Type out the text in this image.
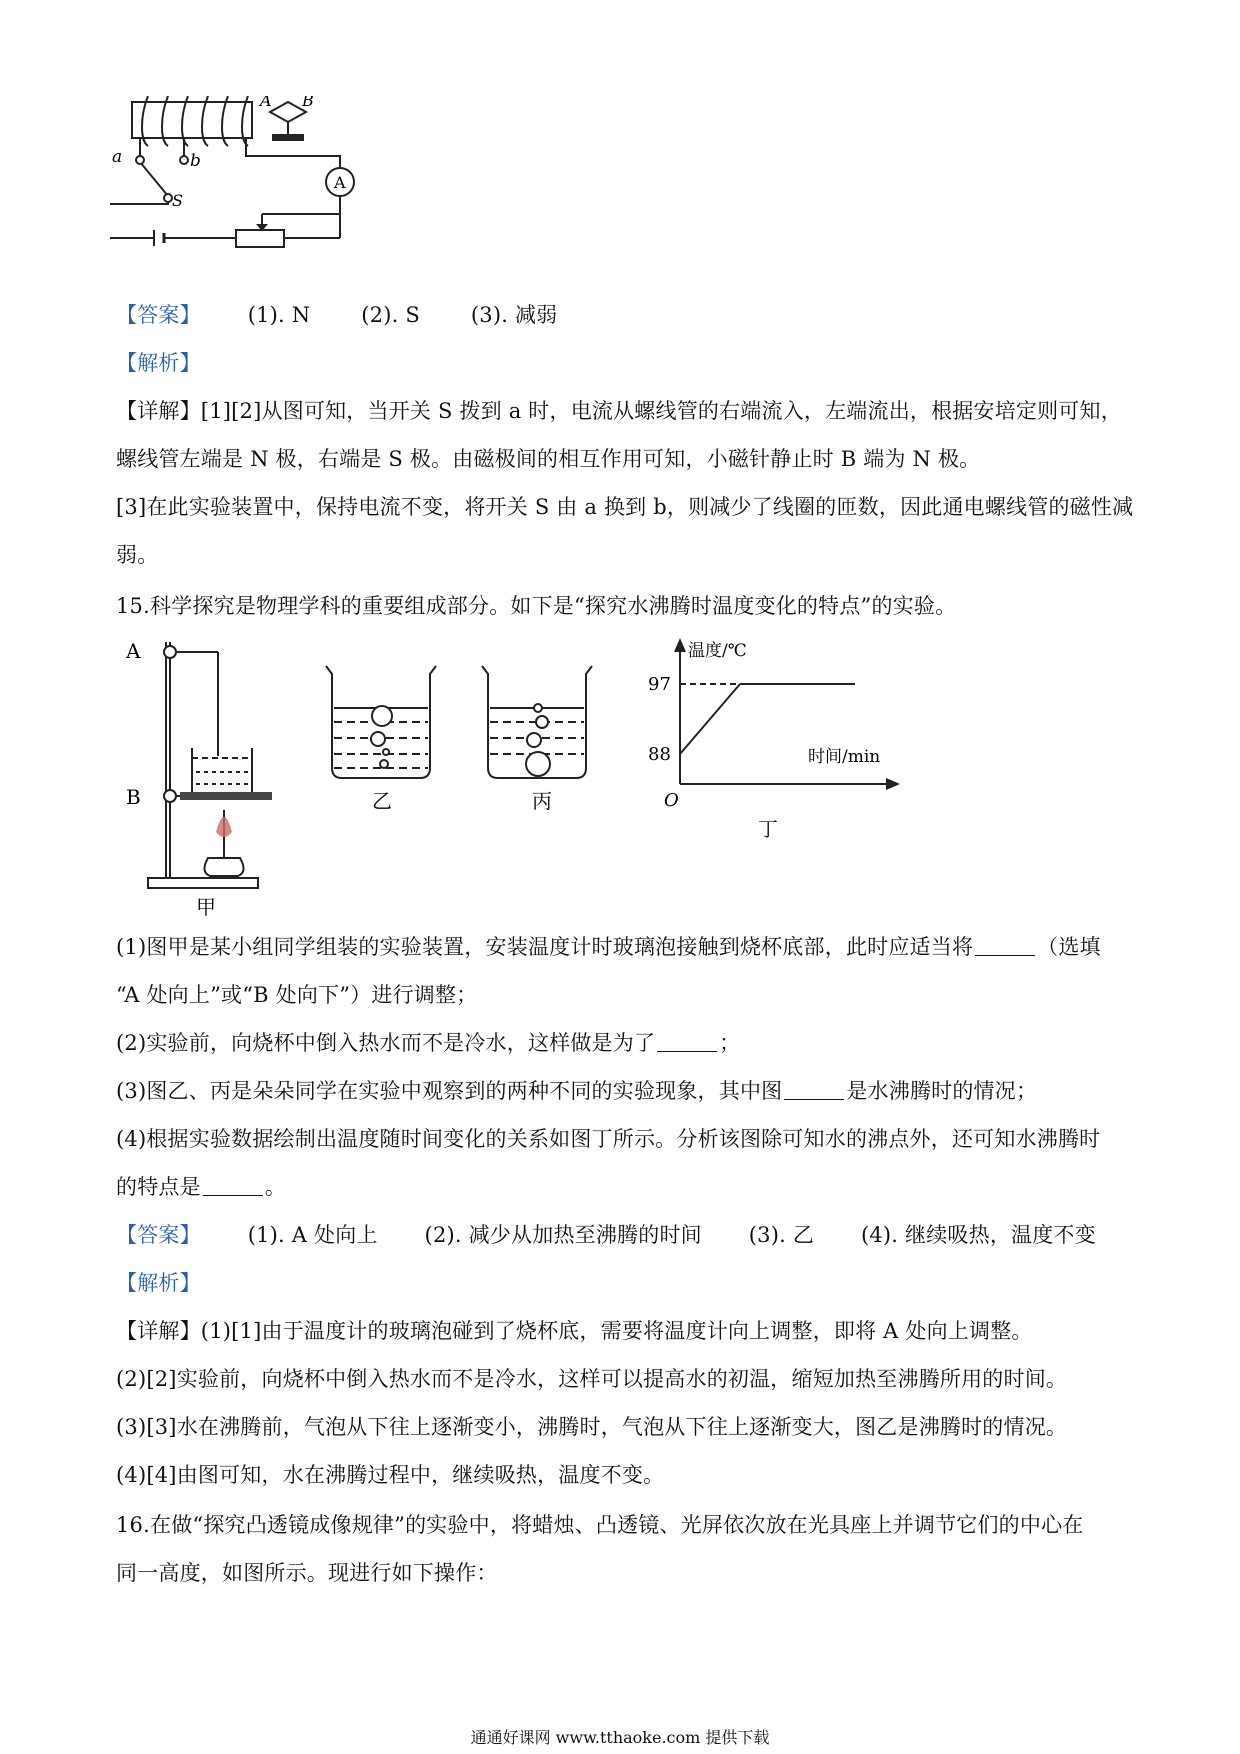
A B
a	b
S
A
【答案】 (1). N (2). S (3). 减弱
【解析】
【详解】[1][2]从图可知，当开关 S 拨到 a 时，电流从螺线管的右端流入，左端流出，根据安培定则可知，
螺线管左端是 N 极，右端是 S 极。由磁极间的相互作用可知，小磁针静止时 B 端为 N 极。
[3]在此实验装置中，保持电流不变，将开关 S 由 a 换到 b，则减少了线圈的匝数，因此通电螺线管的磁性减
弱。
15.科学探究是物理学科的重要组成部分。如下是“探究水沸腾时温度变化的特点”的实验。
A
B
甲
乙	丙
温度/℃
时间/min
O
97
88
丁
(1)图甲是某小组同学组装的实验装置，安装温度计时玻璃泡接触到烧杯底部，此时应适当将	（选填
“A 处向上”或“B 处向下”）进行调整；
(2)实验前，向烧杯中倒入热水而不是冷水，这样做是为了	；
(3)图乙、丙是朵朵同学在实验中观察到的两种不同的实验现象，其中图	是水沸腾时的情况；
(4)根据实验数据绘制出温度随时间变化的关系如图丁所示。分析该图除可知水的沸点外，还可知水沸腾时
的特点是	。
【答案】 (1). A 处向上 (2). 减少从加热至沸腾的时间 (3). 乙 (4). 继续吸热，温度不变
【解析】
【详解】(1)[1]由于温度计的玻璃泡碰到了烧杯底，需要将温度计向上调整，即将 A 处向上调整。
(2)[2]实验前，向烧杯中倒入热水而不是冷水，这样可以提高水的初温，缩短加热至沸腾所用的时间。
(3)[3]水在沸腾前，气泡从下往上逐渐变小，沸腾时，气泡从下往上逐渐变大，图乙是沸腾时的情况。
(4)[4]由图可知，水在沸腾过程中，继续吸热，温度不变。
16.在做“探究凸透镜成像规律”的实验中，将蜡烛、凸透镜、光屏依次放在光具座上并调节它们的中心在
同一高度，如图所示。现进行如下操作：
通通好课网 www.tthaoke.com 提供下载
